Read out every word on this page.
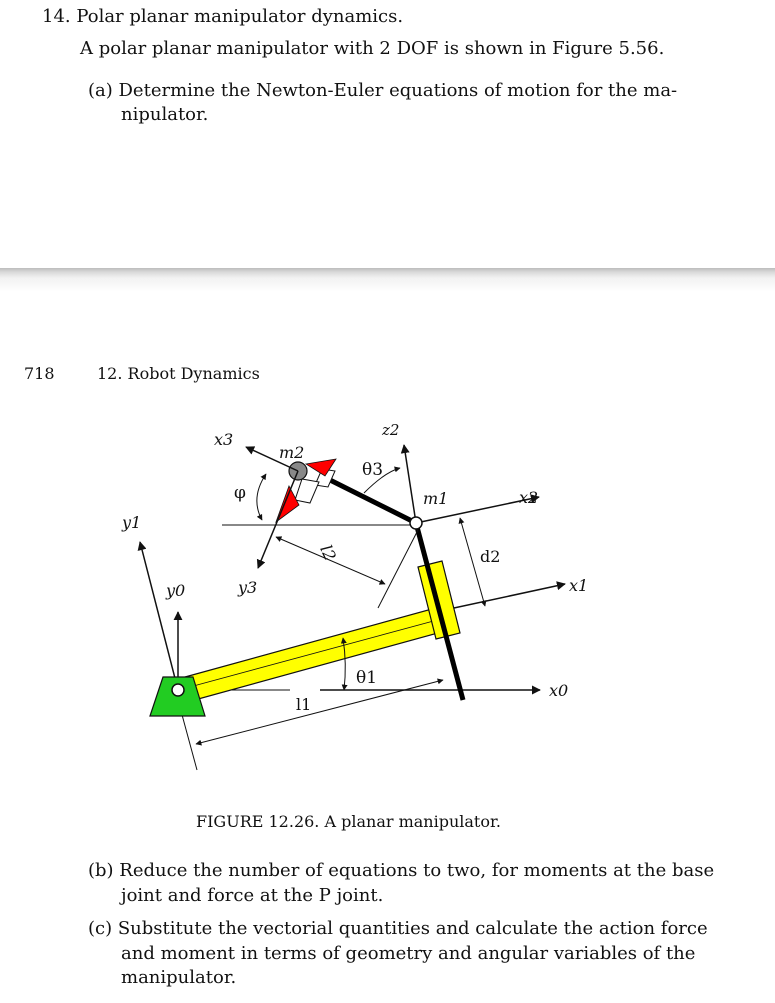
14. Polar planar manipulator dynamics.
A polar planar manipulator with 2 DOF is shown in Figure 5.56.
(a) Determine the Newton-Euler equations of motion for the ma-
nipulator.
718	12. Robot Dynamics
x3
m2
z2
θ3
φ	m1	x2
y1
l2	d2
y0	y3	x1
θ1
x0
l1
FIGURE 12.26. A planar manipulator.
(b) Reduce the number of equations to two, for moments at the base
joint and force at the P joint.
(c) Substitute the vectorial quantities and calculate the action force
and moment in terms of geometry and angular variables of the
manipulator.
